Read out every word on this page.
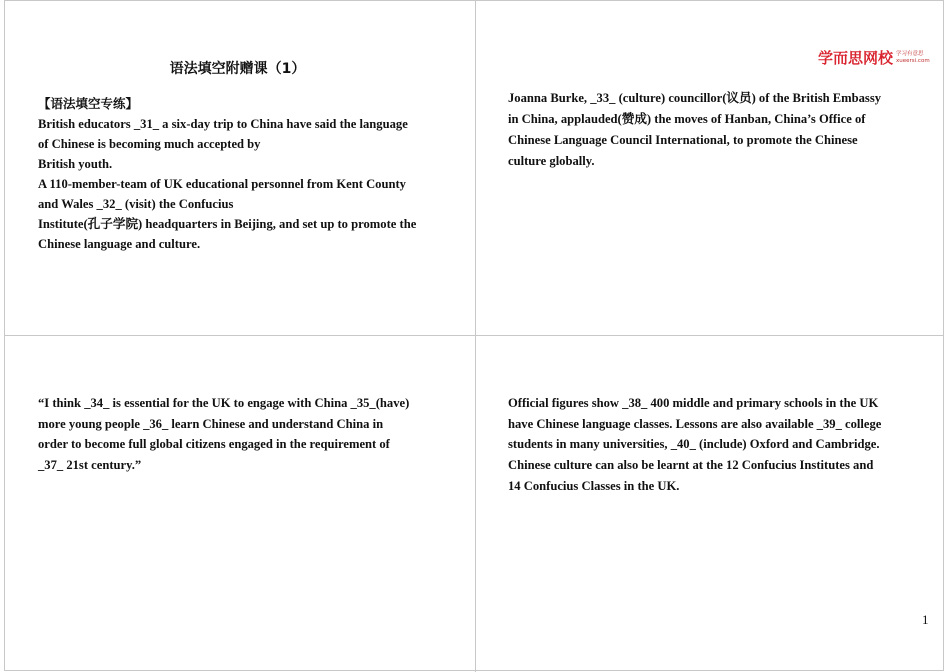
语法填空附赠课（1）

【语法填空专练】

British educators _31_ a six-day trip to China have said the language

of Chinese is becoming much accepted by

British youth.

A 110-member-team of UK educational personnel from Kent County

and Wales _32_ (visit) the Confucius

Institute(孔子学院) headquarters in Beijing, and set up to promote the

Chinese language and culture.

学而思网校 学习有意思
xueersi.com

Joanna Burke, _33_ (culture) councillor(议员) of the British Embassy

in China, applauded(赞成) the moves of Hanban, China’s Office of

Chinese Language Council International, to promote the Chinese

culture globally.

“I think _34_ is essential for the UK to engage with China _35_(have)

more young people _36_ learn Chinese and understand China in

order to become full global citizens engaged in the requirement of

_37_ 21st century.”

Official figures show _38_ 400 middle and primary schools in the UK

have Chinese language classes. Lessons are also available _39_ college

students in many universities, _40_ (include) Oxford and Cambridge.

Chinese culture can also be learnt at the 12 Confucius Institutes and

14 Confucius Classes in the UK.

1
